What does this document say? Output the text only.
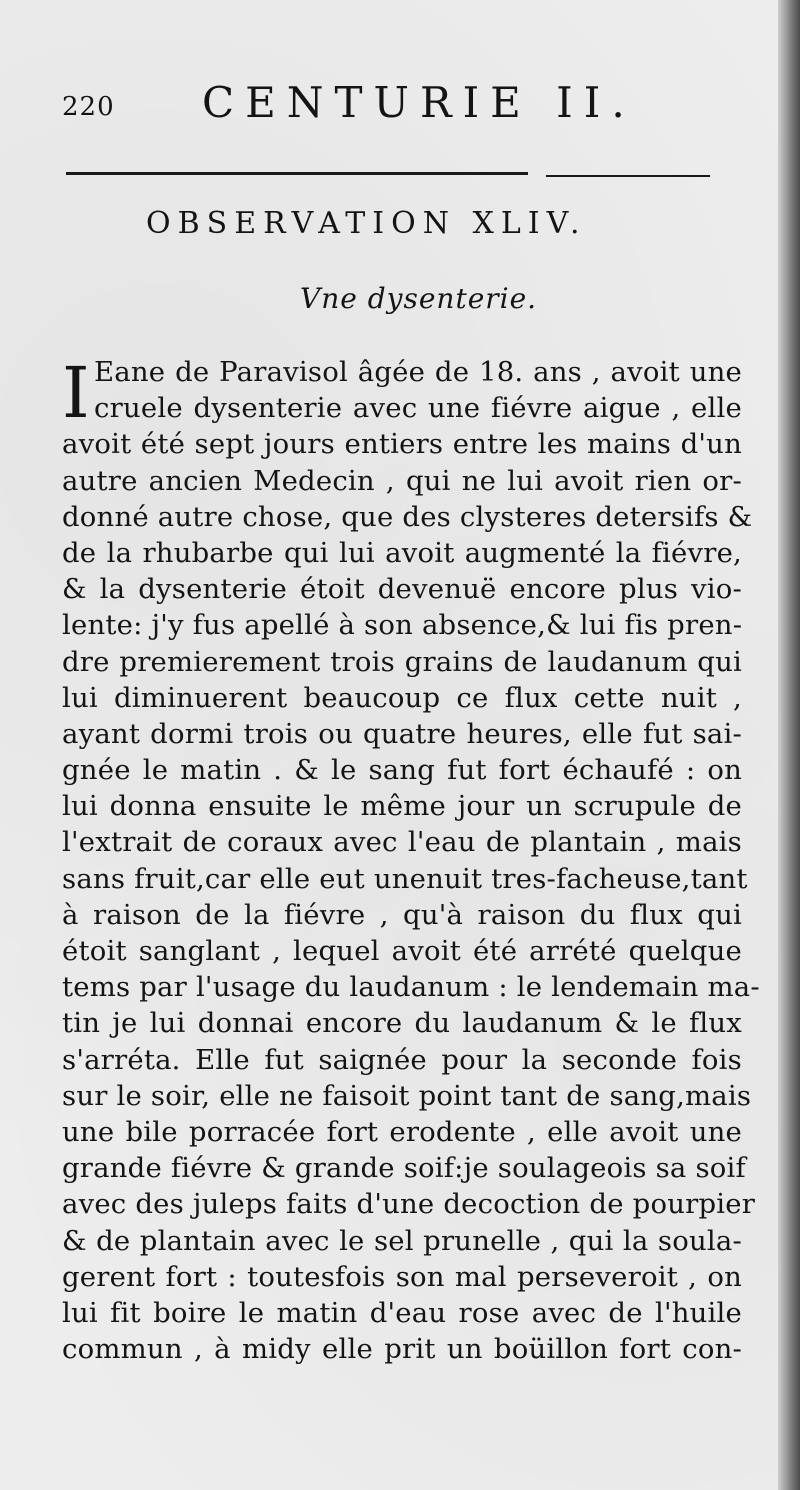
220 CENTURIE II.
OBSERVATION XLIV.
Vne dysenterie.
I Eane de Paravisol âgée de 18. ans , avoit une
cruele dysenterie avec une fiévre aigue , elle
avoit été sept jours entiers entre les mains d'un
autre ancien Medecin , qui ne lui avoit rien or-
donné autre chose, que des clysteres detersifs &
de la rhubarbe qui lui avoit augmenté la fiévre,
& la dysenterie étoit devenuë encore plus vio-
lente: j'y fus apellé à son absence,& lui fis pren-
dre premierement trois grains de laudanum qui
lui diminuerent beaucoup ce flux cette nuit ,
ayant dormi trois ou quatre heures, elle fut sai-
gnée le matin . & le sang fut fort échaufé : on
lui donna ensuite le même jour un scrupule de
l'extrait de coraux avec l'eau de plantain , mais
sans fruit,car elle eut unenuit tres-facheuse,tant
à raison de la fiévre , qu'à raison du flux qui
étoit sanglant , lequel avoit été arrété quelque
tems par l'usage du laudanum : le lendemain ma-
tin je lui donnai encore du laudanum & le flux
s'arréta. Elle fut saignée pour la seconde fois
sur le soir, elle ne faisoit point tant de sang,mais
une bile porracée fort erodente , elle avoit une
grande fiévre & grande soif:je soulageois sa soif
avec des juleps faits d'une decoction de pourpier
& de plantain avec le sel prunelle , qui la soula-
gerent fort : toutesfois son mal perseveroit , on
lui fit boire le matin d'eau rose avec de l'huile
commun , à midy elle prit un boüillon fort con-
